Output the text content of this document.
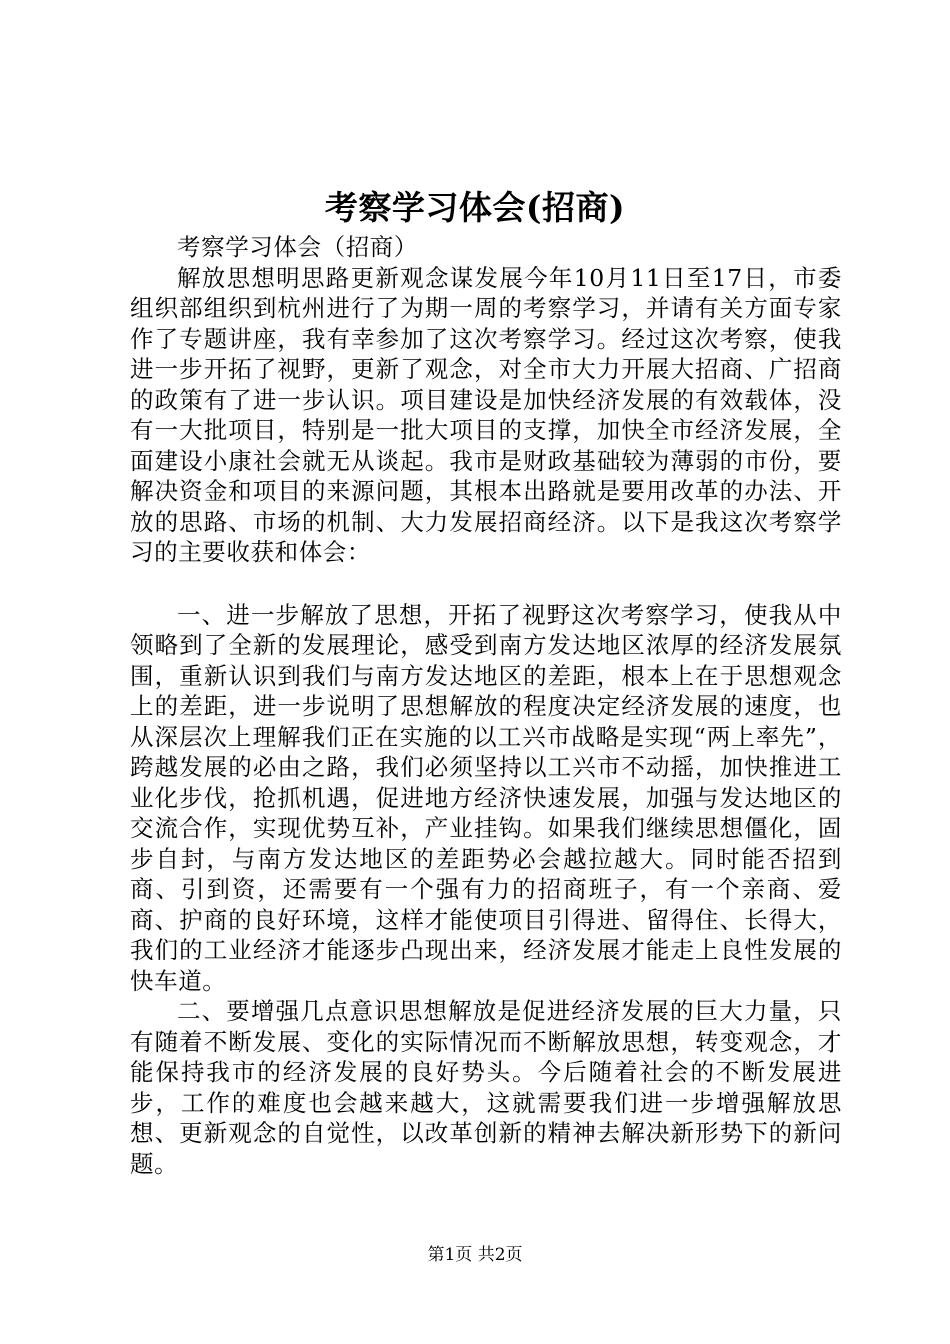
考察学习体会(招商)

考察学习体会（招商）

解放思想明思路更新观念谋发展今年10月11日至17日，市委组织部组织到杭州进行了为期一周的考察学习，并请有关方面专家作了专题讲座，我有幸参加了这次考察学习。经过这次考察，使我进一步开拓了视野，更新了观念，对全市大力开展大招商、广招商的政策有了进一步认识。项目建设是加快经济发展的有效载体，没有一大批项目，特别是一批大项目的支撑，加快全市经济发展，全面建设小康社会就无从谈起。我市是财政基础较为薄弱的市份，要解决资金和项目的来源问题，其根本出路就是要用改革的办法、开放的思路、市场的机制、大力发展招商经济。以下是我这次考察学习的主要收获和体会：

一、进一步解放了思想，开拓了视野这次考察学习，使我从中领略到了全新的发展理论，感受到南方发达地区浓厚的经济发展氛围，重新认识到我们与南方发达地区的差距，根本上在于思想观念上的差距，进一步说明了思想解放的程度决定经济发展的速度，也从深层次上理解我们正在实施的以工兴市战略是实现“两上率先”，跨越发展的必由之路，我们必须坚持以工兴市不动摇，加快推进工业化步伐，抢抓机遇，促进地方经济快速发展，加强与发达地区的交流合作，实现优势互补，产业挂钩。如果我们继续思想僵化，固步自封，与南方发达地区的差距势必会越拉越大。同时能否招到商、引到资，还需要有一个强有力的招商班子，有一个亲商、爱商、护商的良好环境，这样才能使项目引得进、留得住、长得大，我们的工业经济才能逐步凸现出来，经济发展才能走上良性发展的快车道。

二、要增强几点意识思想解放是促进经济发展的巨大力量，只有随着不断发展、变化的实际情况而不断解放思想，转变观念，才能保持我市的经济发展的良好势头。今后随着社会的不断发展进步，工作的难度也会越来越大，这就需要我们进一步增强解放思想、更新观念的自觉性，以改革创新的精神去解决新形势下的新问题。

第1页 共2页
